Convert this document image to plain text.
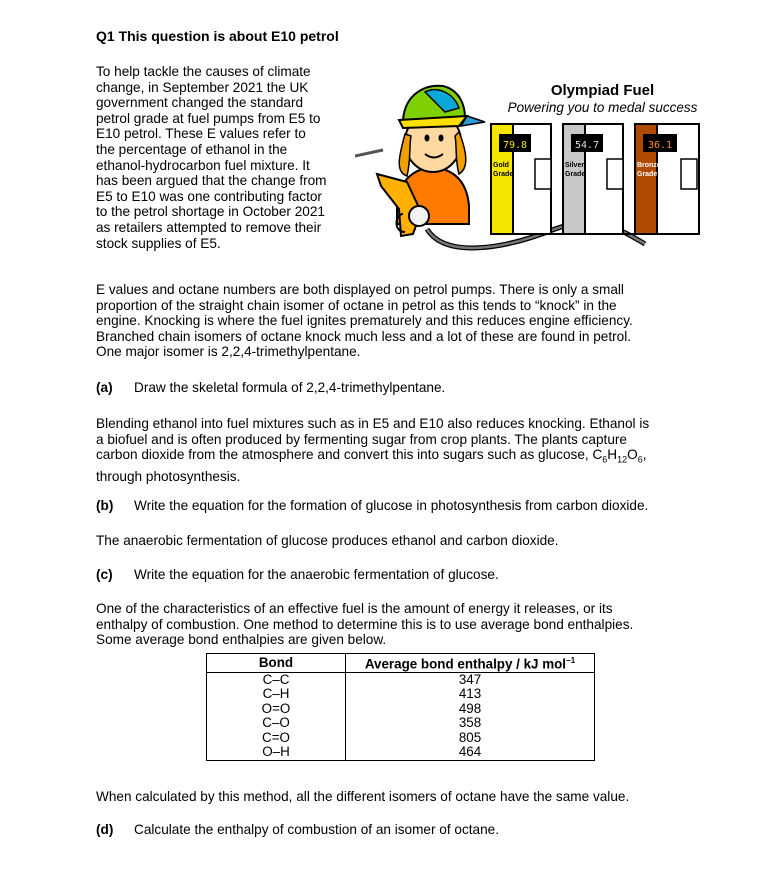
Q1 This question is about E10 petrol
To help tackle the causes of climate
change, in September 2021 the UK
government changed the standard
petrol grade at fuel pumps from E5 to
E10 petrol. These E values refer to
the percentage of ethanol in the
ethanol-hydrocarbon fuel mixture. It
has been argued that the change from
E5 to E10 was one contributing factor
to the petrol shortage in October 2021
as retailers attempted to remove their
stock supplies of E5.
79.8
Gold
Grade
54.7
Silver
Grade
36.1
Bronze
Grade
Olympiad Fuel
Powering you to medal success
E values and octane numbers are both displayed on petrol pumps. There is only a small
proportion of the straight chain isomer of octane in petrol as this tends to “knock” in the
engine. Knocking is where the fuel ignites prematurely and this reduces engine efficiency.
Branched chain isomers of octane knock much less and a lot of these are found in petrol.
One major isomer is 2,2,4-trimethylpentane.
(a) Draw the skeletal formula of 2,2,4-trimethylpentane.
Blending ethanol into fuel mixtures such as in E5 and E10 also reduces knocking. Ethanol is
a biofuel and is often produced by fermenting sugar from crop plants. The plants capture
carbon dioxide from the atmosphere and convert this into sugars such as glucose, $C_6H_{12}O_6$,
through photosynthesis.
(b) Write the equation for the formation of glucose in photosynthesis from carbon dioxide.
The anaerobic fermentation of glucose produces ethanol and carbon dioxide.
(c) Write the equation for the anaerobic fermentation of glucose.
One of the characteristics of an effective fuel is the amount of energy it releases, or its
enthalpy of combustion. One method to determine this is to use average bond enthalpies.
Some average bond enthalpies are given below.
Bond	Average bond enthalpy / kJ mol$^{-1}$
C–C	347
C–H	413
O=O	498
C–O	358
C=O	805
O–H	464
When calculated by this method, all the different isomers of octane have the same value.
(d) Calculate the enthalpy of combustion of an isomer of octane.
